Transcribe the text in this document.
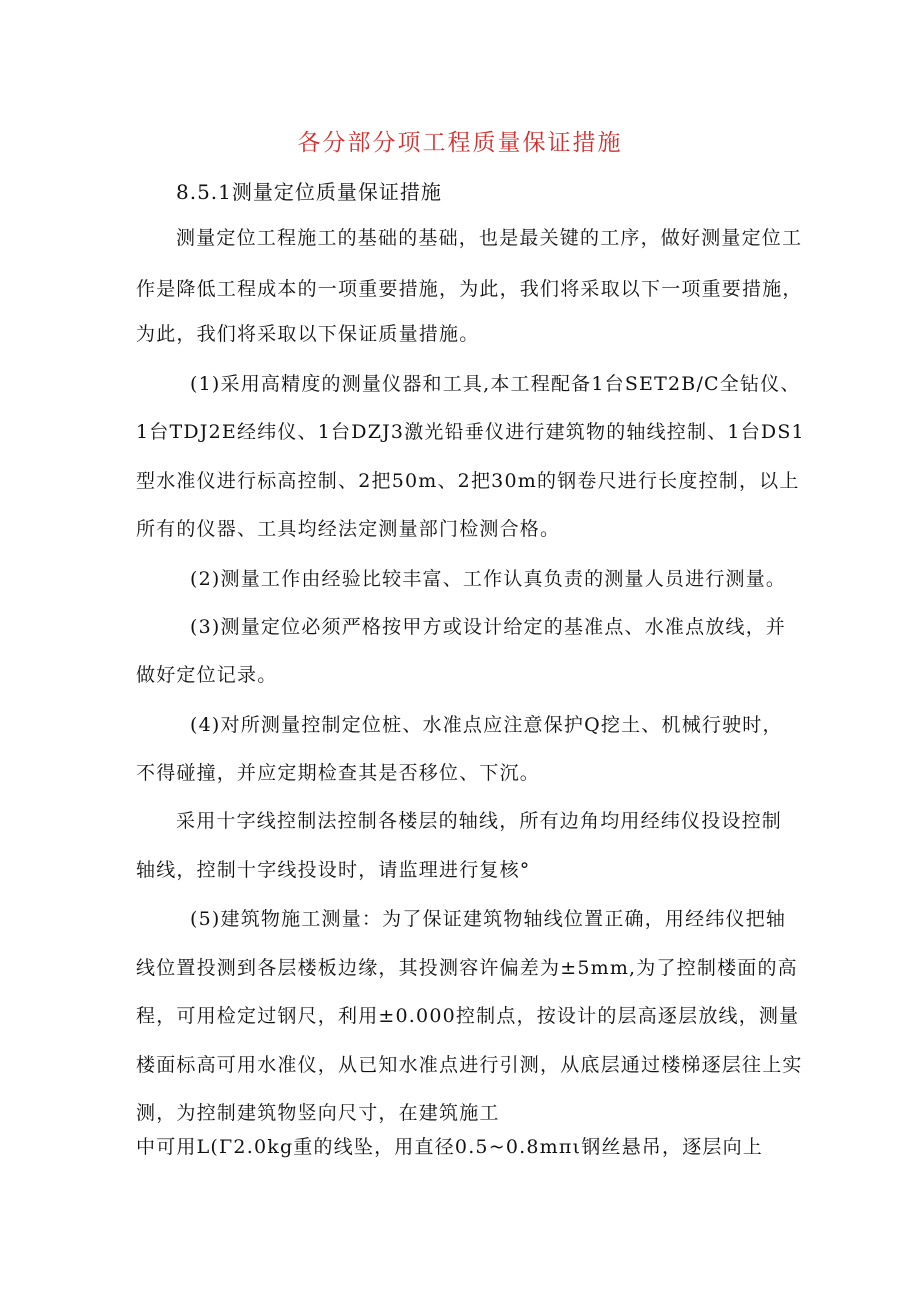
各分部分项工程质量保证措施
8.5.1测量定位质量保证措施

测量定位工程施工的基础的基础，也是最关键的工序，做好测量定位工

作是降低工程成本的一项重要措施，为此，我们将采取以下一项重要措施，

为此，我们将采取以下保证质量措施。

(1)采用高精度的测量仪器和工具,本工程配备1台SET2B/C全钻仪、

1台TDJ2E经纬仪、1台DZJ3激光铅垂仪进行建筑物的轴线控制、1台DS1

型水准仪进行标高控制、2把50m、2把30m的钢卷尺进行长度控制，以上

所有的仪器、工具均经法定测量部门检测合格。

(2)测量工作由经验比较丰富、工作认真负责的测量人员进行测量。

(3)测量定位必须严格按甲方或设计给定的基准点、水准点放线，并

做好定位记录。

(4)对所测量控制定位桩、水准点应注意保护Q挖土、机械行驶时，

不得碰撞，并应定期检查其是否移位、下沉。

采用十字线控制法控制各楼层的轴线，所有边角均用经纬仪投设控制

轴线，控制十字线投设时，请监理进行复核°

(5)建筑物施工测量：为了保证建筑物轴线位置正确，用经纬仪把轴

线位置投测到各层楼板边缘，其投测容许偏差为±5mm,为了控制楼面的高

程，可用检定过钢尺，利用±0.000控制点，按设计的层高逐层放线，测量

楼面标高可用水准仪，从已知水准点进行引测，从底层通过楼梯逐层往上实

测，为控制建筑物竖向尺寸，在建筑施工

中可用L(Γ2.0kg重的线坠，用直径0.5~0.8mπι钢丝悬吊，逐层向上
